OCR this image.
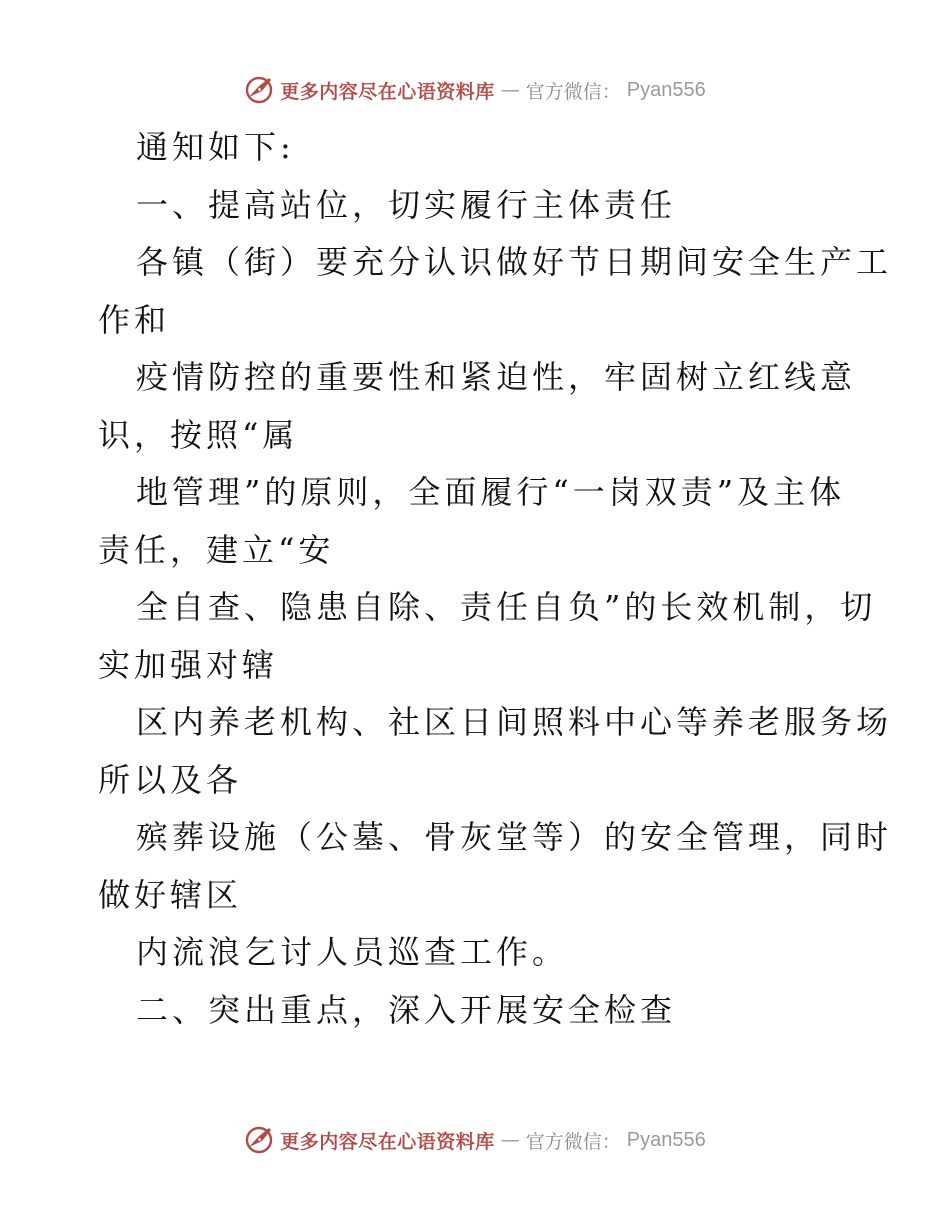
更多内容尽在心语资料库 — 官方微信： Pyan556
通知如下:
一、提高站位，切实履行主体责任
各镇（街）要充分认识做好节日期间安全生产工
作和
疫情防控的重要性和紧迫性，牢固树立红线意
识，按照“属
地管理”的原则，全面履行“一岗双责”及主体
责任，建立“安
全自查、隐患自除、责任自负”的长效机制，切
实加强对辖
区内养老机构、社区日间照料中心等养老服务场
所以及各
殡葬设施（公墓、骨灰堂等）的安全管理，同时
做好辖区
内流浪乞讨人员巡查工作。
二、突出重点，深入开展安全检查
更多内容尽在心语资料库 — 官方微信： Pyan556
